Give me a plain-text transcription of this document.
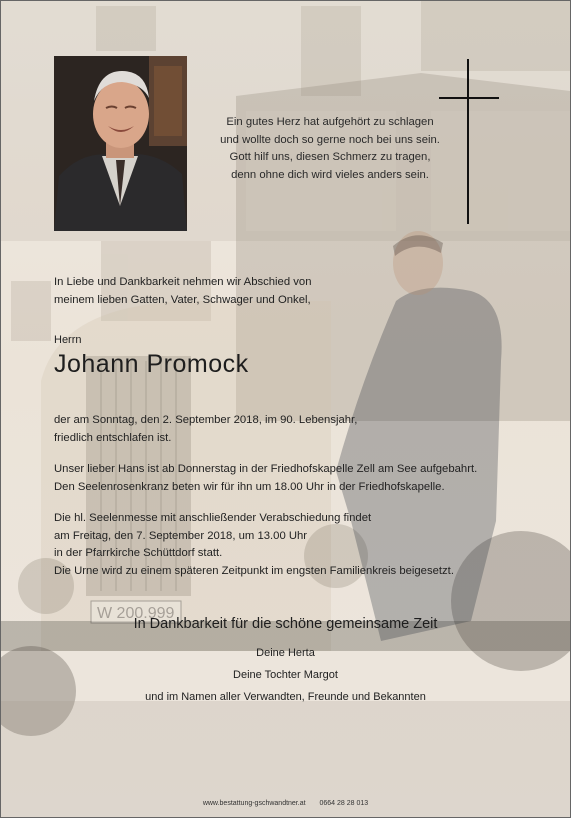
W 200.999
Ein gutes Herz hat aufgehört zu schlagen
und wollte doch so gerne noch bei uns sein.
Gott hilf uns, diesen Schmerz zu tragen,
denn ohne dich wird vieles anders sein.
In Liebe und Dankbarkeit nehmen wir Abschied von
meinem lieben Gatten, Vater, Schwager und Onkel,
Herrn
Johann Promock
der am Sonntag, den 2. September 2018, im 90. Lebensjahr,
friedlich entschlafen ist.
Unser lieber Hans ist ab Donnerstag in der Friedhofskapelle Zell am See aufgebahrt.
Den Seelenrosenkranz beten wir für ihn um 18.00 Uhr in der Friedhofskapelle.
Die hl. Seelenmesse mit anschließender Verabschiedung findet
am Freitag, den 7. September 2018, um 13.00 Uhr
in der Pfarrkirche Schüttdorf statt.
Die Urne wird zu einem späteren Zeitpunkt im engsten Familienkreis beigesetzt.
In Dankbarkeit für die schöne gemeinsame Zeit
Deine Herta
Deine Tochter Margot
und im Namen aller Verwandten, Freunde und Bekannten
www.bestattung-gschwandtner.at 0664 28 28 013
